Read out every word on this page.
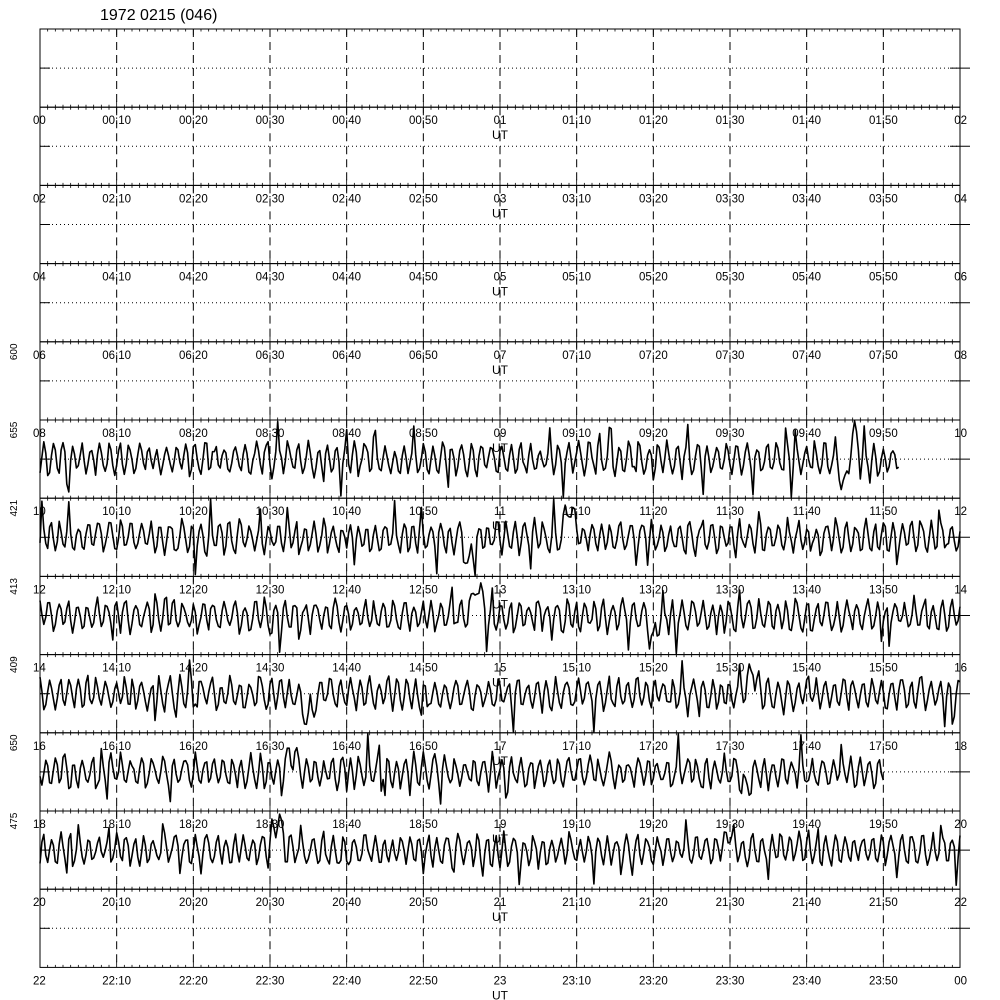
1972 0215 (046)
00	00:10	00:20	00:30	00:40	00:50	01	01:10	01:20	01:30	01:40	01:50	02
UT
02	02:10	02:20	02:30	02:40	02:50	03	03:10	03:20	03:30	03:40	03:50	04
UT
04	04:10	04:20	04:30	04:40	04:50	05	05:10	05:20	05:30	05:40	05:50	06
UT
06	06:10	06:20	06:30	06:40	06:50	07	07:10	07:20	07:30	07:40	07:50	08
UT
08	08:10	08:20	08:30	08:40	08:50	09	09:10	09:20	09:30	09:40	09:50	10
UT
600
10	10:10	10:20	10:30	10:40	10:50	11	11:10	11:20	11:30	11:40	11:50	12
UT
655
12	12:10	12:20	12:30	12:40	12:50	13	13:10	13:20	13:30	13:40	13:50	14
UT
421
14	14:10	14:20	14:30	14:40	14:50	15	15:10	15:20	15:30	15:40	15:50	16
UT
413
16	16:10	16:20	16:30	16:40	16:50	17	17:10	17:20	17:30	17:40	17:50	18
UT
409
18	18:10	18:20	18:30	18:40	18:50	19	19:10	19:20	19:30	19:40	19:50	20
UT
650
20	20:10	20:20	20:30	20:40	20:50	21	21:10	21:20	21:30	21:40	21:50	22
UT
475
22	22:10	22:20	22:30	22:40	22:50	23	23:10	23:20	23:30	23:40	23:50	00
UT
